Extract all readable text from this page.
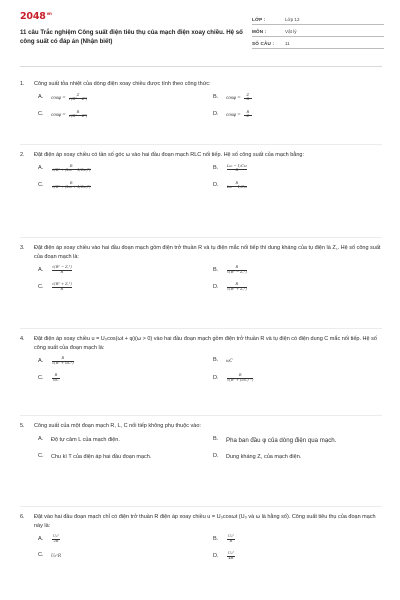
$2048^{vn}$
11 câu Trắc nghiệm Công suất điện tiêu thụ của mạch điện xoay chiều. Hệ số công suất có đáp án (Nhận biết)
LỚP :	Lớp 12
MÔN :	Vật lý
SỐ CÂU :	11
1.	Công suất tỏa nhiệt của dòng điện xoay chiều được tính theo công thức:
A.	$\cos\varphi = \frac{Z}{\text{√(R² − Z²)}}$	B.	$\cos\varphi = \frac{Z}{R}$
C.	$\cos\varphi = \frac{R}{\text{√(R² − Z²)}}$	D.	$\cos\varphi = \frac{R}{Z}$
2.	Đặt điện áp xoay chiều có tần số góc ω vào hai đầu đoạn mạch RLC nối tiếp. Hệ số công suất của mạch bằng:
A.	$\frac{R}{\text{√(R² + (Lω − 1/Cω)²)}}$	B.	$\frac{L\omega - 1/C\omega}{R}$
C.	$\frac{R}{\text{√(R² + (Lω + 1/Cω)²)}}$	D.	$\frac{R}{L\omega - 1/C\omega}$
3.	Đặt điện áp xoay chiều vào hai đầu đoạn mạch gồm điện trở thuần R và tụ điện mắc nối tiếp thì dung kháng của tụ điện là Z꜀. Hệ số công suất của đoạn mạch là:
A.	$\frac{\text{√(R² − Z꜀²)}}{R}$	B.	$\frac{R}{\text{√(R² − Z꜀²)}}$
C.	$\frac{\text{√(R² + Z꜀²)}}{R}$	D.	$\frac{R}{\text{√(R² + Z꜀²)}}$
4.	Đặt điện áp xoay chiều u = U₀cos(ωt + φ)(ω > 0) vào hai đầu đoạn mạch gồm điện trở thuần R và tụ điện có điện dung C mắc nối tiếp. Hệ số công suất của đoạn mạch là:
A.	$\frac{R}{\text{√(R² + ωC²)}}$	B.	ωC
C.	$\frac{R}{\omega C}$	D.	$\frac{R}{\text{√(R² + (ωC)⁻²)}}$
5.	Công suất của một đoạn mạch R, L, C nối tiếp không phụ thuộc vào:
A.	Độ tự cảm L của mạch điện.	B.	Pha ban đầu φ của dòng điện qua mạch.
C.	Chu kì T của điện áp hai đầu đoạn mạch.	D.	Dung kháng Z꜀ của mạch điện.
6.	Đặt vào hai đầu đoạn mạch chỉ có điện trở thuần R điện áp xoay chiều u = U₀cosωt (U₀ và ω là hằng số). Công suất tiêu thụ của đoạn mạch này là:
A.	$\frac{\text{U₀²}}{2R}$	B.	$\frac{\text{U₀²}}{R}$
C.	U₀²R	D.	$\frac{\text{U₀²}}{4R}$
